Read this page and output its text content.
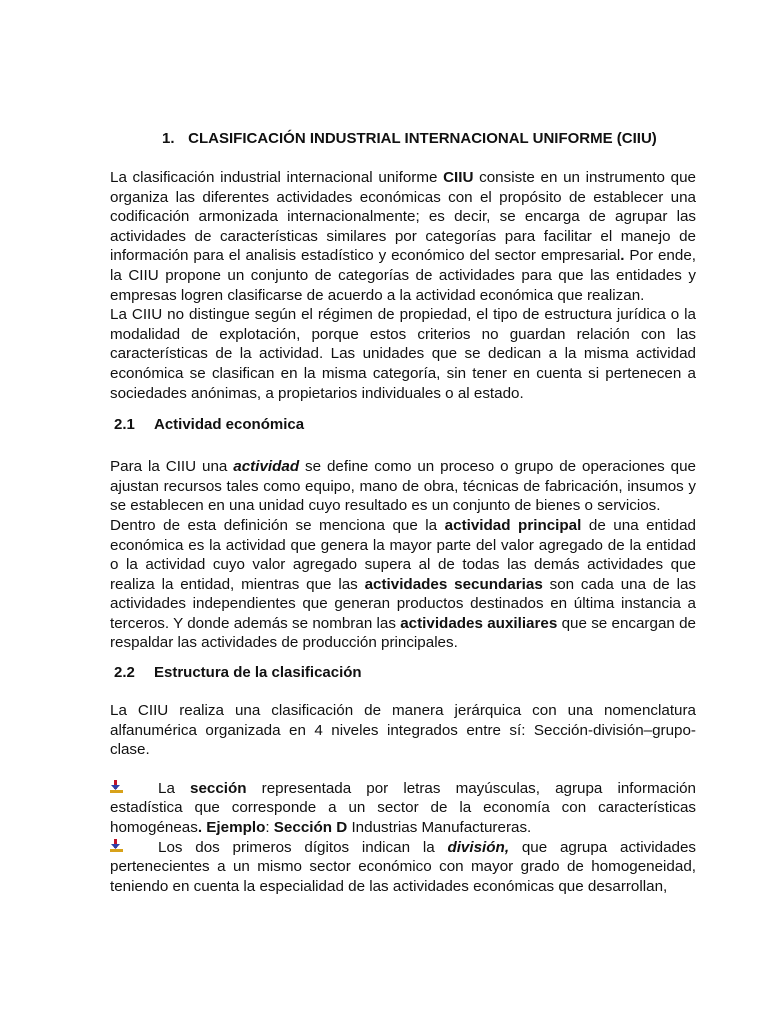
1. CLASIFICACIÓN INDUSTRIAL INTERNACIONAL UNIFORME (CIIU)

La clasificación industrial internacional uniforme CIIU consiste en un instrumento que organiza las diferentes actividades económicas con el propósito de establecer una codificación armonizada internacionalmente; es decir, se encarga de agrupar las actividades de características similares por categorías para facilitar el manejo de información para el analisis estadístico y económico del sector empresarial. Por ende, la CIIU propone un conjunto de categorías de actividades para que las entidades y empresas logren clasificarse de acuerdo a la actividad económica que realizan.

La CIIU no distingue según el régimen de propiedad, el tipo de estructura jurídica o la modalidad de explotación, porque estos criterios no guardan relación con las características de la actividad. Las unidades que se dedican a la misma actividad económica se clasifican en la misma categoría, sin tener en cuenta si pertenecen a sociedades anónimas, a propietarios individuales o al estado.

2.1 Actividad económica

Para la CIIU una actividad se define como un proceso o grupo de operaciones que ajustan recursos tales como equipo, mano de obra, técnicas de fabricación, insumos y se establecen en una unidad cuyo resultado es un conjunto de bienes o servicios.

Dentro de esta definición se menciona que la actividad principal de una entidad económica es la actividad que genera la mayor parte del valor agregado de la entidad o la actividad cuyo valor agregado supera al de todas las demás actividades que realiza la entidad, mientras que las actividades secundarias son cada una de las actividades independientes que generan productos destinados en última instancia a terceros. Y donde además se nombran las actividades auxiliares que se encargan de respaldar las actividades de producción principales.

2.2 Estructura de la clasificación

La CIIU realiza una clasificación de manera jerárquica con una nomenclatura alfanumérica organizada en 4 niveles integrados entre sí: Sección-división–grupo-clase.

La sección representada por letras mayúsculas, agrupa información estadística que corresponde a un sector de la economía con características homogéneas. Ejemplo: Sección D Industrias Manufactureras.

Los dos primeros dígitos indican la división, que agrupa actividades pertenecientes a un mismo sector económico con mayor grado de homogeneidad, teniendo en cuenta la especialidad de las actividades económicas que desarrollan,
